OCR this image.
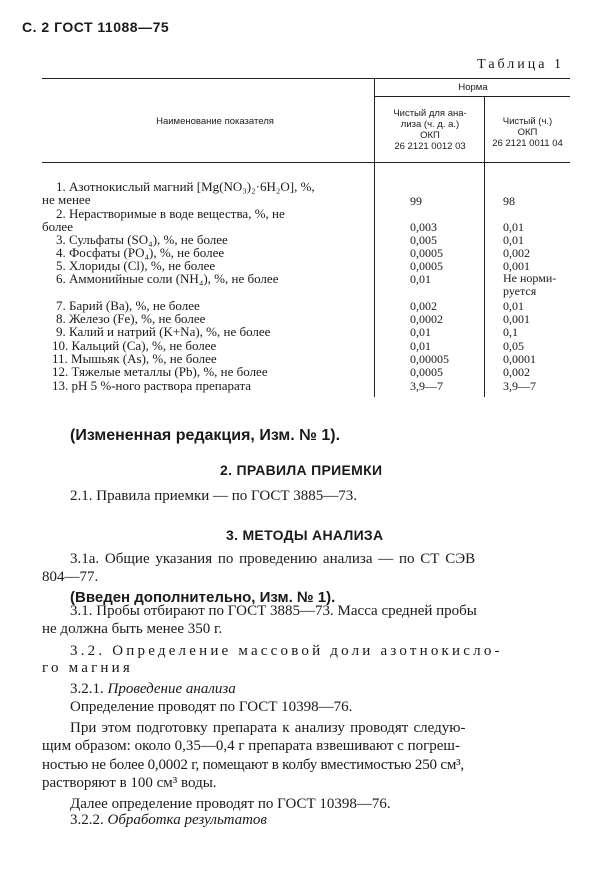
С. 2 ГОСТ 11088—75
Таблица 1
Наименование показателя
Норма
Чистый для ана-
лиза (ч. д. а.)
ОКП
26 2121 0012 03
Чистый (ч.)
ОКП
26 2121 0011 04
1. Азотнокислый магний [Mg(NO₃)₂·6H₂O], %,
не менее	99	98
2. Нерастворимые в воде вещества, %, не
более	0,003	0,01
3. Сульфаты (SO₄), %, не более	0,005	0,01
4. Фосфаты (PO₄), %, не более	0,0005	0,002
5. Хлориды (Cl), %, не более	0,0005	0,001
6. Аммонийные соли (NH₄), %, не более	0,01	Не норми-
руется
7. Барий (Ba), %, не более	0,002	0,01
8. Железо (Fe), %, не более	0,0002	0,001
9. Калий и натрий (K+Na), %, не более	0,01	0,1
10. Кальций (Ca), %, не более	0,01	0,05
11. Мышьяк (As), %, не более	0,00005	0,0001
12. Тяжелые металлы (Pb), %, не более	0,0005	0,002
13. pH 5 %-ного раствора препарата	3,9—7	3,9—7
(Измененная редакция, Изм. № 1).
2. ПРАВИЛА ПРИЕМКИ
2.1. Правила приемки — по ГОСТ 3885—73.
3. МЕТОДЫ АНАЛИЗА
3.1а. Общие указания по проведению анализа — по СТ СЭВ
804—77.
(Введен дополнительно, Изм. № 1).
3.1. Пробы отбирают по ГОСТ 3885—73. Масса средней пробы
не должна быть менее 350 г.
3.2. Определение массовой доли азотнокисло-
го магния
3.2.1. Проведение анализа
Определение проводят по ГОСТ 10398—76.
При этом подготовку препарата к анализу проводят следую-
щим образом: около 0,35—0,4 г препарата взвешивают с погреш-
ностью не более 0,0002 г, помещают в колбу вместимостью 250 см³,
растворяют в 100 см³ воды.
Далее определение проводят по ГОСТ 10398—76.
3.2.2. Обработка результатов
